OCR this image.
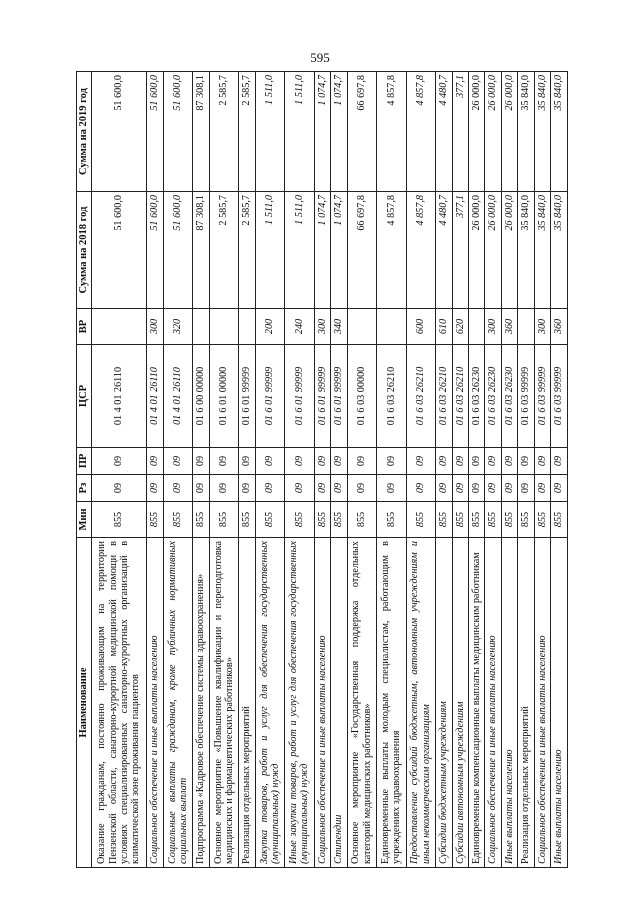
595
Наименование	Мин	Рз	ПР	ЦСР	ВР	Сумма на 2018 год	Сумма на 2019 год
Оказание гражданам, постоянно проживающим на территории Пензенской области, санаторно-курортной медицинской помощи в условиях специализированных санаторно-курортных организаций в климатической зоне проживания пациентов	855	09	09	01 4 01 26110		51 600,0	51 600,0
Социальное обеспечение и иные выплаты населению	855	09	09	01 4 01 26110	300	51 600,0	51 600,0
Социальные выплаты гражданам, кроме публичных нормативных социальных выплат	855	09	09	01 4 01 26110	320	51 600,0	51 600,0
Подпрограмма «Кадровое обеспечение системы здравоохранения»	855	09	09	01 6 00 00000		87 308,1	87 308,1
Основное мероприятие «Повышение квалификации и переподготовка медицинских и фармацевтических работников»	855	09	09	01 6 01 00000		2 585,7	2 585,7
Реализация отдельных мероприятий	855	09	09	01 6 01 99999		2 585,7	2 585,7
Закупка товаров, работ и услуг для обеспечения государственных (муниципальных) нужд	855	09	09	01 6 01 99999	200	1 511,0	1 511,0
Иные закупки товаров, работ и услуг для обеспечения государственных (муниципальных) нужд	855	09	09	01 6 01 99999	240	1 511,0	1 511,0
Социальное обеспечение и иные выплаты населению	855	09	09	01 6 01 99999	300	1 074,7	1 074,7
Стипендии	855	09	09	01 6 01 99999	340	1 074,7	1 074,7
Основное мероприятие «Государственная поддержка отдельных категорий медицинских работников»	855	09	09	01 6 03 00000		66 697,8	66 697,8
Единовременные выплаты молодым специалистам, работающим в учреждениях здравоохранения	855	09	09	01 6 03 26210		4 857,8	4 857,8
Предоставление субсидий бюджетным, автономным учреждениям и иным некоммерческим организациям	855	09	09	01 6 03 26210	600	4 857,8	4 857,8
Субсидии бюджетным учреждениям	855	09	09	01 6 03 26210	610	4 480,7	4 480,7
Субсидии автономным учреждениям	855	09	09	01 6 03 26210	620	377,1	377,1
Единовременные компенсационные выплаты медицинским работникам	855	09	09	01 6 03 26230		26 000,0	26 000,0
Социальное обеспечение и иные выплаты населению	855	09	09	01 6 03 26230	300	26 000,0	26 000,0
Иные выплаты населению	855	09	09	01 6 03 26230	360	26 000,0	26 000,0
Реализация отдельных мероприятий	855	09	09	01 6 03 99999		35 840,0	35 840,0
Социальное обеспечение и иные выплаты населению	855	09	09	01 6 03 99999	300	35 840,0	35 840,0
Иные выплаты населению	855	09	09	01 6 03 99999	360	35 840,0	35 840,0
